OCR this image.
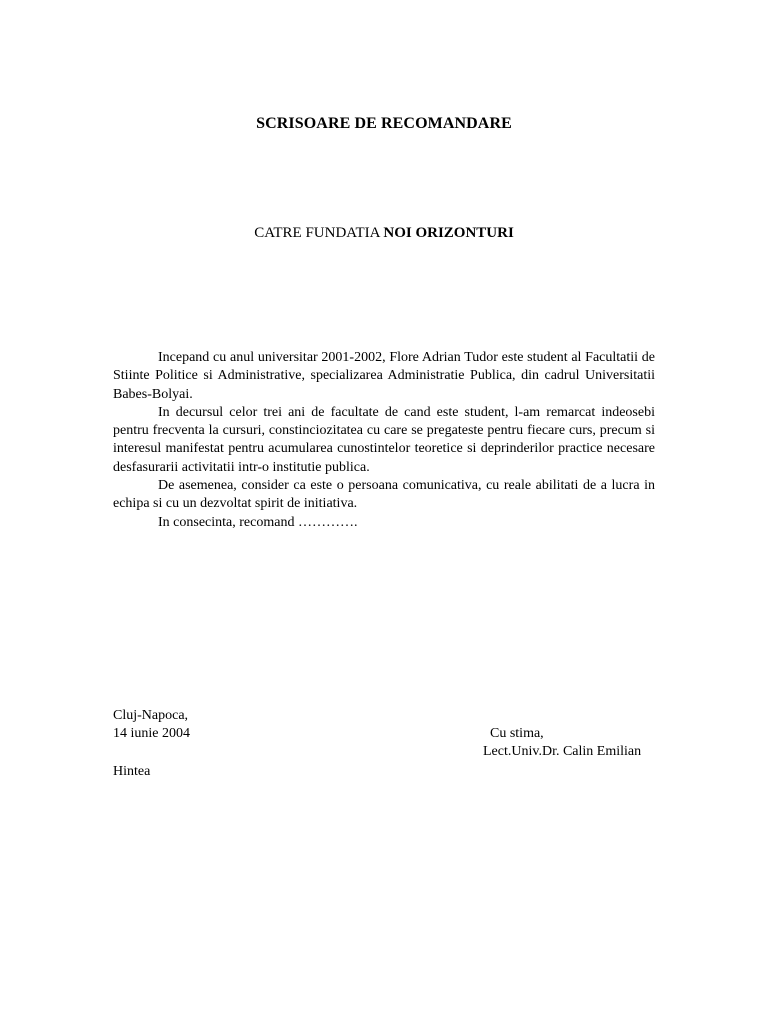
SCRISOARE DE RECOMANDARE
CATRE FUNDATIA NOI ORIZONTURI

Incepand cu anul universitar 2001-2002, Flore Adrian Tudor este student al Facultatii de Stiinte Politice si Administrative, specializarea Administratie Publica, din cadrul Universitatii Babes-Bolyai.

In decursul celor trei ani de facultate de cand este student, l-am remarcat indeosebi pentru frecventa la cursuri, constinciozitatea cu care se pregateste pentru fiecare curs, precum si interesul manifestat pentru acumularea cunostintelor teoretice si deprinderilor practice necesare desfasurarii activitatii intr-o institutie publica.

De asemenea, consider ca este o persoana comunicativa, cu reale abilitati de a lucra in echipa si cu un dezvoltat spirit de initiativa.

In consecinta, recomand ………….

Cluj-Napoca,
14 iunie 2004	Cu stima,
Lect.Univ.Dr. Calin Emilian
Hintea
